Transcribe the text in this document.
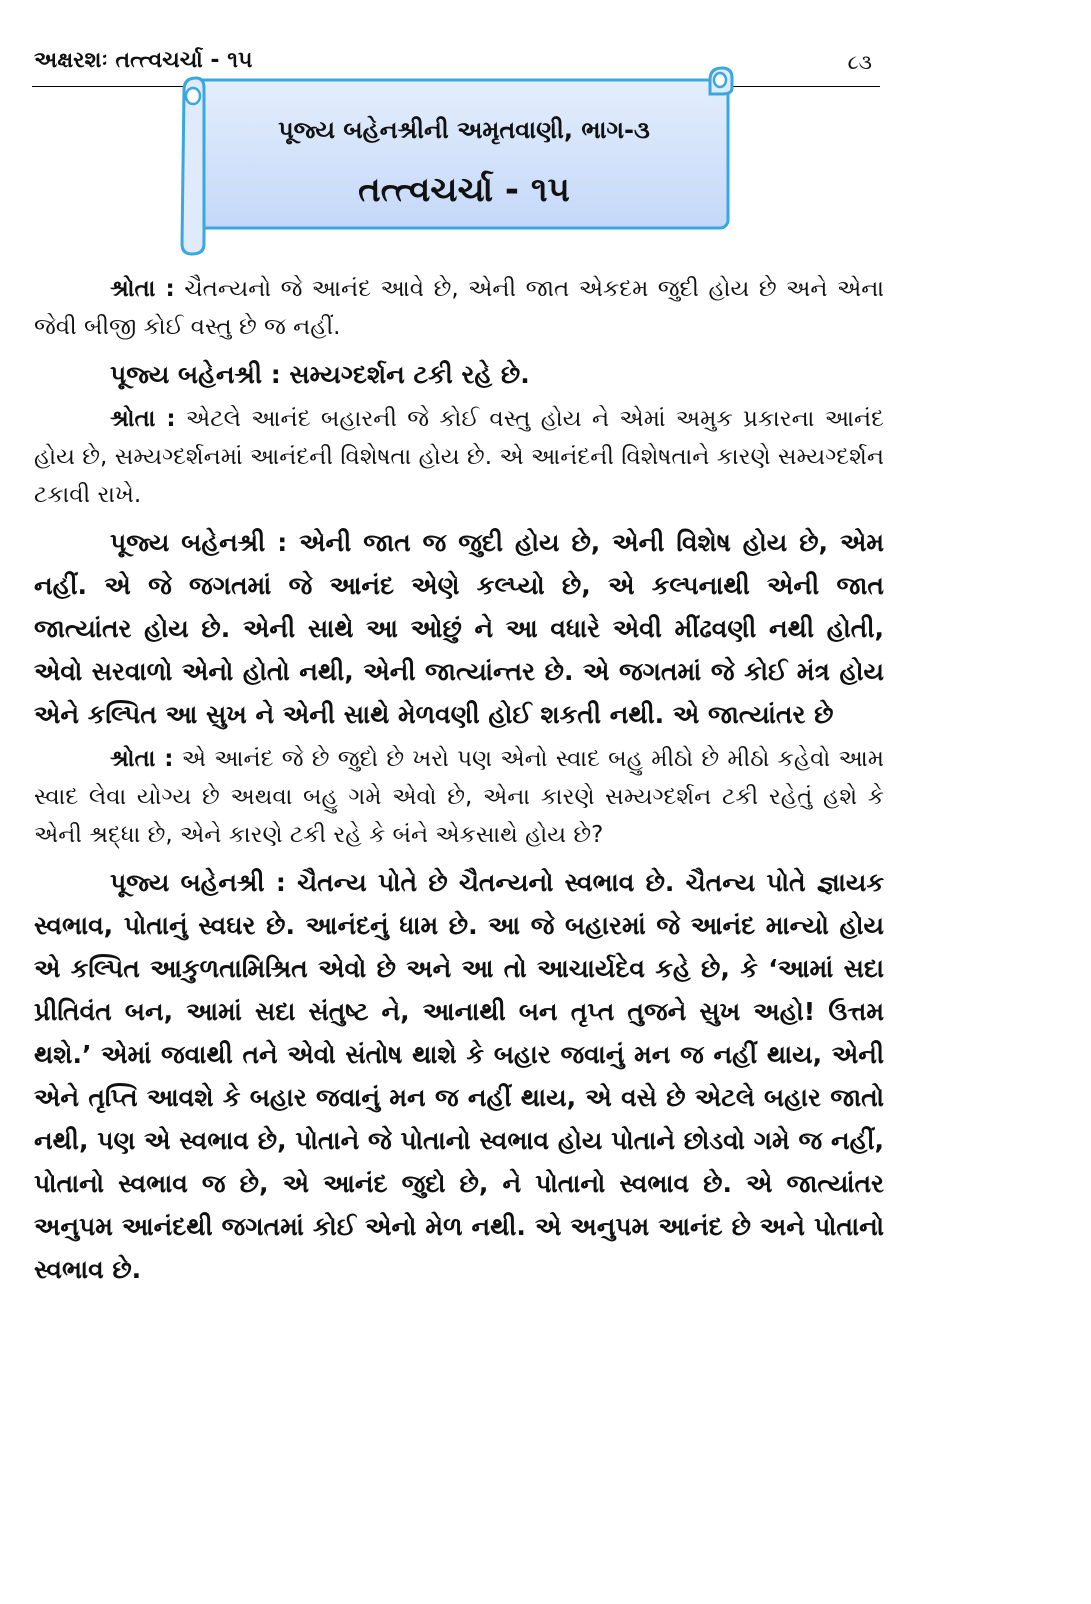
અક્ષરશઃ તત્ત્વચર્ચા - ૧૫	૮૩
પૂજ્ય બહેનશ્રીની અમૃતવાણી, ભાગ-૩
તત્ત્વચર્ચા - ૧૫

શ્રોતા : ચૈતન્યનો જે આનંદ આવે છે, એની જાત એકદમ જુદી હોય છે અને એના જેવી બીજી કોઈ વસ્તુ છે જ નહીં.

પૂજ્ય બહેનશ્રી : સમ્યગ્દર્શન ટકી રહે છે.

શ્રોતા : એટલે આનંદ બહારની જે કોઈ વસ્તુ હોય ને એમાં અમુક પ્રકારના આનંદ હોય છે, સમ્યગ્દર્શનમાં આનંદની વિશેષતા હોય છે. એ આનંદની વિશેષતાને કારણે સમ્યગ્દર્શન ટકાવી રાખે.

પૂજ્ય બહેનશ્રી : એની જાત જ જુદી હોય છે, એની વિશેષ હોય છે, એમ નહીં. એ જે જગતમાં જે આનંદ એણે કલ્પ્યો છે, એ કલ્પનાથી એની જાત જાત્યાંતર હોય છે. એની સાથે આ ઓછું ને આ વધારે એવી મીંઢવણી નથી હોતી, એવો સરવાળો એનો હોતો નથી, એની જાત્યાંન્તર છે. એ જગતમાં જે કોઈ મંત્ર હોય એને કલ્પિત આ સુખ ને એની સાથે મેળવણી હોઈ શકતી નથી. એ જાત્યાંતર છે

શ્રોતા : એ આનંદ જે છે જુદો છે ખરો પણ એનો સ્વાદ બહુ મીઠો છે મીઠો કહેવો આમ સ્વાદ લેવા યોગ્ય છે અથવા બહુ ગમે એવો છે, એના કારણે સમ્યગ્દર્શન ટકી રહેતું હશે કે એની શ્રદ્ધા છે, એને કારણે ટકી રહે કે બંને એકસાથે હોય છે?

પૂજ્ય બહેનશ્રી : ચૈતન્ય પોતે છે ચૈતન્યનો સ્વભાવ છે. ચૈતન્ય પોતે જ્ઞાયક સ્વભાવ, પોતાનું સ્વઘર છે. આનંદનું ધામ છે. આ જે બહારમાં જે આનંદ માન્યો હોય એ કલ્પિત આકુળતામિશ્રિત એવો છે અને આ તો આચાર્યદેવ કહે છે, કે ‘આમાં સદા પ્રીતિવંત બન, આમાં સદા સંતુષ્ટ ને, આનાથી બન તૃપ્ત તુજને સુખ અહો! ઉત્તમ થશે.’ એમાં જવાથી તને એવો સંતોષ થાશે કે બહાર જવાનું મન જ નહીં થાય, એની એને તૃપ્તિ આવશે કે બહાર જવાનું મન જ નહીં થાય, એ વસે છે એટલે બહાર જાતો નથી, પણ એ સ્વભાવ છે, પોતાને જે પોતાનો સ્વભાવ હોય પોતાને છોડવો ગમે જ નહીં, પોતાનો સ્વભાવ જ છે, એ આનંદ જુદો છે, ને પોતાનો સ્વભાવ છે. એ જાત્યાંતર અનુપમ આનંદથી જગતમાં કોઈ એનો મેળ નથી. એ અનુપમ આનંદ છે અને પોતાનો સ્વભાવ છે.
